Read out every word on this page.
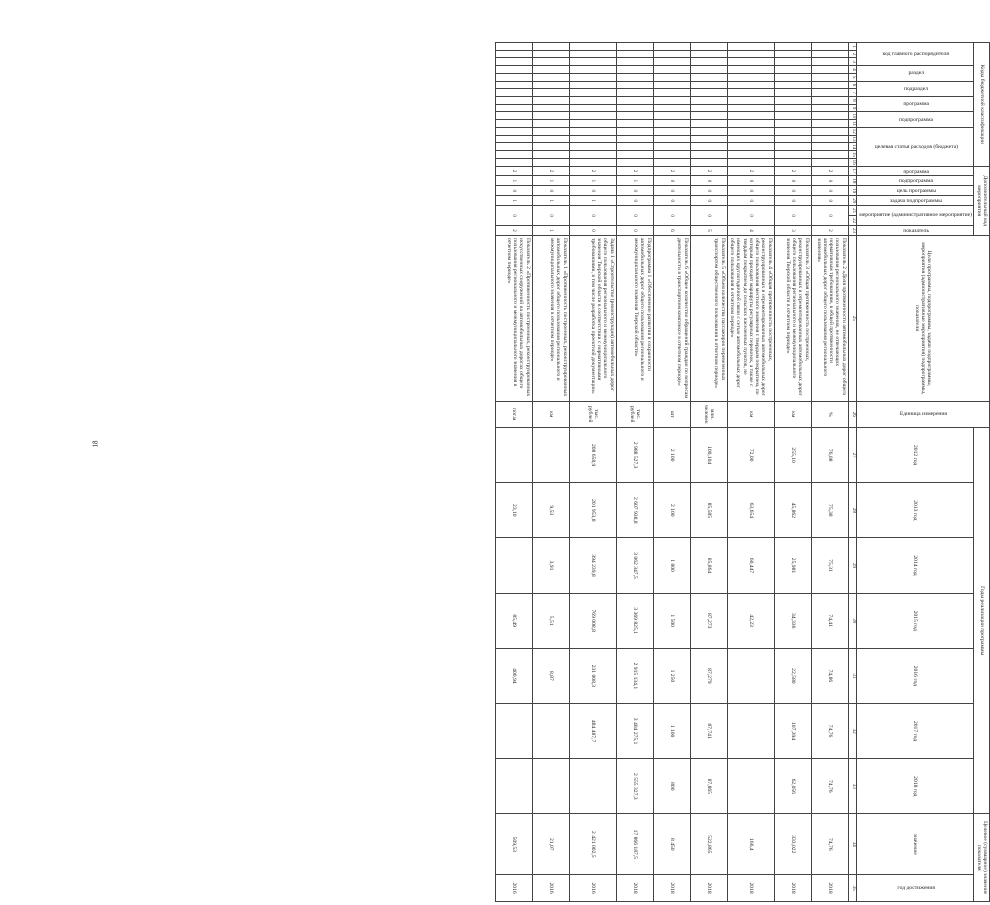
18
Коды бюджетной классификации																Дополнительный код мероприятия							Цели программы, подпрограммы, задачи подпрограммы, мероприятия (административные мероприятия) подпрограммы, показатели	Единица измерения	Годы реализации программы							Целевое (суммарное) значение показателя	
код главного распорядителя			раздел		подраздел		программа		подпрограмма		целевая статья расходов (бюджета)					программа	подпрограмма	цель программы	задача подпрограммы	мероприятие (административное мероприятие)		показатель			2012 год	2013 год	2014 год	2015 год	2016 год	2017 год	2018 год	значение	год достижения
1	2	3	4	5	6	7	8	9	10	11	12	13	14	15	16	17	18	19	20	21	22	23	25	26	27	28	29	30	31	32	33	34	35
																2	0	0	0	0		2	Показатель 2 «Доля протяженности автомобильных дорог общего пользования регионального значения, не отвечающих нормативным требованиям, в общей протяженности автомобильных дорог общего пользования регионального значения»	%	76,08	75,38	75,31	74,41	74,86	74,76	74,76	74,76	2018
																2	0	0	0	0		3	Показатель 3 «Общая протяженность построенных, реконструированных и отремонтированных автомобильных дорог общего пользования регионального и межмуниципального значения Тверской области в отчетном периоде»	км	255,10	45,862	25,981	34,336	22,580	107,394	62,056	333,022	2018
																2	0	0	0	0		4	Показатель 4 «Общая протяженность построенных, реконструированных и отремонтированных автомобильных дорог общего пользования местного значения с твердым покрытием, по которым проходят маршруты регулярных перевозок, а также с твердым покрытием до сельских населенных пунктов, не имеющих круглогодичной связи с сетью автомобильных дорог общего пользования в отчетном периоде»	км	72,00	63,654	60,447	42,23				166,4	2018
																2	0	0	0	0		5	Показатель 5 «Объем количества пассажиров перевезенных транспортом общественного пользования в отчетном периоде»	млн. человек	100,104	85,585	85,864	87,273	87,279	87,741	87,865	522,865	2018
																2	0	0	0	0		6	Показатель 6 «Общее количество обращений граждан по вопросам деятельности в транспортном комплексе в отчетном периоде»	шт	2 100	2 100	1 800	1 500	1 250	1 100	800	8 450	2018
																2	1	0	0	0		0	Подпрограмма 1 «Обеспечение развития и сохранности автомобильных дорог общего пользования регионального и межмуниципального значения Тверской области»	тыс. рублей	2 988 527,3	2 607 938,8	3 062 347,5	3 369 825,1	2 915 134,1	3 404 275,1	2 555 327,3	17 866 187,5	2018
																2	1	0	1	0		0	Задача 1 «Строительство (реконструкция) автомобильных дорог общего пользования регионального и межмуниципального значения Тверской области в соответствии с нормативными требованиями, в том числе разработка проектной документации»	тыс. рублей	208 658,9	201 953,8	394 239,8	769 008,8	231 008,3	484 487,7		2 421 002,5	2016
																2	1	0	1	0		1	Показатель 1 «Протяженность построенных, реконструированных автомобильных дорог общего пользования регионального и межмуниципального значения в отчетном периоде»	км		9,53	3,91	5,51	8,87			21,07	2016
																2	1	0	1	0		2	Показатель 2 «Протяженность построенных, реконструированных искусственных сооружений на автомобильных дорогах общего пользования регионального и межмуниципального значения в отчетном периоде»	пог.м		23,10		85,49	400,94			509,53	2016
